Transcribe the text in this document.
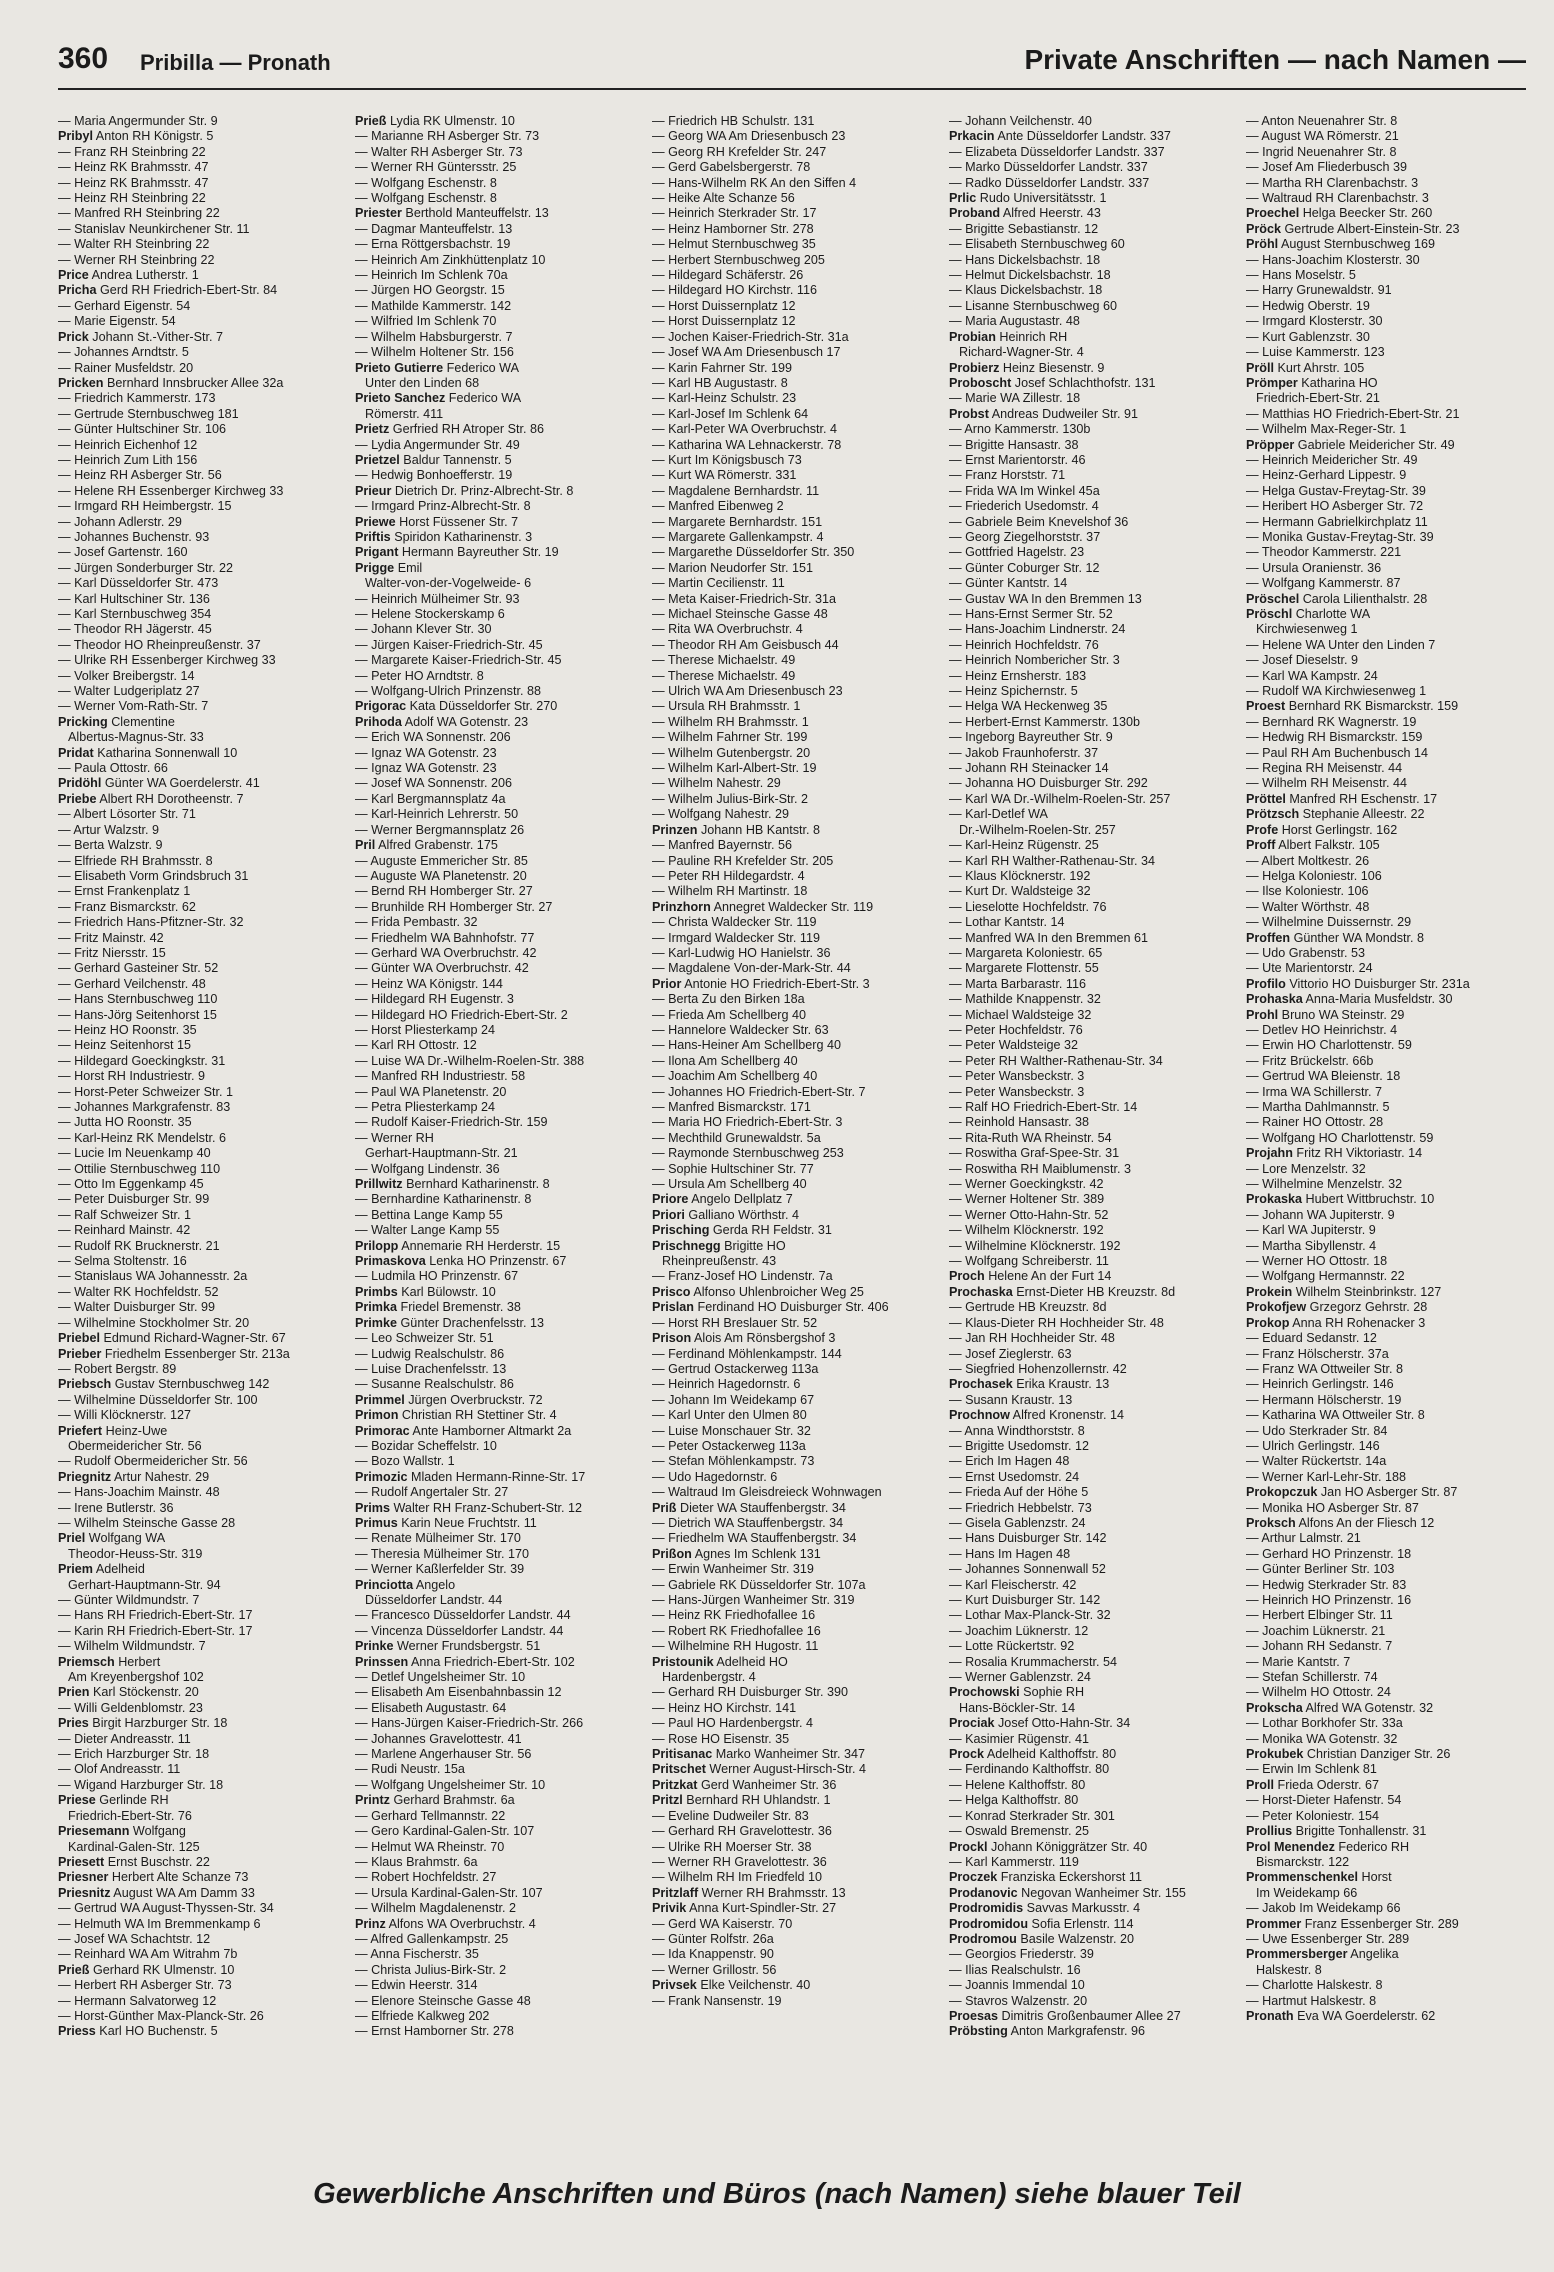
360 Pribilla — Pronath	Private Anschriften — nach Namen —
— Maria Angermunder Str. 9
Pribyl Anton RH Königstr. 5
— Franz RH Steinbring 22
— Heinz RK Brahmsstr. 47
— Heinz RK Brahmsstr. 47
— Heinz RH Steinbring 22
— Manfred RH Steinbring 22
— Stanislav Neunkirchener Str. 11
— Walter RH Steinbring 22
— Werner RH Steinbring 22
Price Andrea Lutherstr. 1
Pricha Gerd RH Friedrich-Ebert-Str. 84
— Gerhard Eigenstr. 54
— Marie Eigenstr. 54
Prick Johann St.-Vither-Str. 7
— Johannes Arndtstr. 5
— Rainer Musfeldstr. 20
Pricken Bernhard Innsbrucker Allee 32a
— Friedrich Kammerstr. 173
— Gertrude Sternbuschweg 181
— Günter Hultschiner Str. 106
— Heinrich Eichenhof 12
— Heinrich Zum Lith 156
— Heinz RH Asberger Str. 56
— Helene RH Essenberger Kirchweg 33
— Irmgard RH Heimbergstr. 15
— Johann Adlerstr. 29
— Johannes Buchenstr. 93
— Josef Gartenstr. 160
— Jürgen Sonderburger Str. 22
— Karl Düsseldorfer Str. 473
— Karl Hultschiner Str. 136
— Karl Sternbuschweg 354
— Theodor RH Jägerstr. 45
— Theodor HO Rheinpreußenstr. 37
— Ulrike RH Essenberger Kirchweg 33
— Volker Breibergstr. 14
— Walter Ludgeriplatz 27
— Werner Vom-Rath-Str. 7
Pricking Clementine
Albertus-Magnus-Str. 33
Pridat Katharina Sonnenwall 10
— Paula Ottostr. 66
Pridöhl Günter WA Goerdelerstr. 41
Priebe Albert RH Dorotheenstr. 7
— Albert Lösorter Str. 71
— Artur Walzstr. 9
— Berta Walzstr. 9
— Elfriede RH Brahmsstr. 8
— Elisabeth Vorm Grindsbruch 31
— Ernst Frankenplatz 1
— Franz Bismarckstr. 62
— Friedrich Hans-Pfitzner-Str. 32
— Fritz Mainstr. 42
— Fritz Niersstr. 15
— Gerhard Gasteiner Str. 52
— Gerhard Veilchenstr. 48
— Hans Sternbuschweg 110
— Hans-Jörg Seitenhorst 15
— Heinz HO Roonstr. 35
— Heinz Seitenhorst 15
— Hildegard Goeckingkstr. 31
— Horst RH Industriestr. 9
— Horst-Peter Schweizer Str. 1
— Johannes Markgrafenstr. 83
— Jutta HO Roonstr. 35
— Karl-Heinz RK Mendelstr. 6
— Lucie Im Neuenkamp 40
— Ottilie Sternbuschweg 110
— Otto Im Eggenkamp 45
— Peter Duisburger Str. 99
— Ralf Schweizer Str. 1
— Reinhard Mainstr. 42
— Rudolf RK Brucknerstr. 21
— Selma Stoltenstr. 16
— Stanislaus WA Johannesstr. 2a
— Walter RK Hochfeldstr. 52
— Walter Duisburger Str. 99
— Wilhelmine Stockholmer Str. 20
Priebel Edmund Richard-Wagner-Str. 67
Prieber Friedhelm Essenberger Str. 213a
— Robert Bergstr. 89
Priebsch Gustav Sternbuschweg 142
— Wilhelmine Düsseldorfer Str. 100
— Willi Klöcknerstr. 127
Priefert Heinz-Uwe
Obermeidericher Str. 56
— Rudolf Obermeidericher Str. 56
Priegnitz Artur Nahestr. 29
— Hans-Joachim Mainstr. 48
— Irene Butlerstr. 36
— Wilhelm Steinsche Gasse 28
Priel Wolfgang WA
Theodor-Heuss-Str. 319
Priem Adelheid
Gerhart-Hauptmann-Str. 94
— Günter Wildmundstr. 7
— Hans RH Friedrich-Ebert-Str. 17
— Karin RH Friedrich-Ebert-Str. 17
— Wilhelm Wildmundstr. 7
Priemsch Herbert
Am Kreyenbergshof 102
Prien Karl Stöckenstr. 20
— Willi Geldenblomstr. 23
Pries Birgit Harzburger Str. 18
— Dieter Andreasstr. 11
— Erich Harzburger Str. 18
— Olof Andreasstr. 11
— Wigand Harzburger Str. 18
Priese Gerlinde RH
Friedrich-Ebert-Str. 76
Priesemann Wolfgang
Kardinal-Galen-Str. 125
Priesett Ernst Buschstr. 22
Priesner Herbert Alte Schanze 73
Priesnitz August WA Am Damm 33
— Gertrud WA August-Thyssen-Str. 34
— Helmuth WA Im Bremmenkamp 6
— Josef WA Schachtstr. 12
— Reinhard WA Am Witrahm 7b
Prieß Gerhard RK Ulmenstr. 10
— Herbert RH Asberger Str. 73
— Hermann Salvatorweg 12
— Horst-Günther Max-Planck-Str. 26
Priess Karl HO Buchenstr. 5
Prieß Lydia RK Ulmenstr. 10
— Marianne RH Asberger Str. 73
— Walter RH Asberger Str. 73
— Werner RH Güntersstr. 25
— Wolfgang Eschenstr. 8
— Wolfgang Eschenstr. 8
Priester Berthold Manteuffelstr. 13
— Dagmar Manteuffelstr. 13
— Erna Röttgersbachstr. 19
— Heinrich Am Zinkhüttenplatz 10
— Heinrich Im Schlenk 70a
— Jürgen HO Georgstr. 15
— Mathilde Kammerstr. 142
— Wilfried Im Schlenk 70
— Wilhelm Habsburgerstr. 7
— Wilhelm Holtener Str. 156
Prieto Gutierre Federico WA
Unter den Linden 68
Prieto Sanchez Federico WA
Römerstr. 411
Prietz Gerfried RH Atroper Str. 86
— Lydia Angermunder Str. 49
Prietzel Baldur Tannenstr. 5
— Hedwig Bonhoefferstr. 19
Prieur Dietrich Dr. Prinz-Albrecht-Str. 8
— Irmgard Prinz-Albrecht-Str. 8
Priewe Horst Füssener Str. 7
Priftis Spiridon Katharinenstr. 3
Prigant Hermann Bayreuther Str. 19
Prigge Emil
Walter-von-der-Vogelweide- 6
— Heinrich Mülheimer Str. 93
— Helene Stockerskamp 6
— Johann Klever Str. 30
— Jürgen Kaiser-Friedrich-Str. 45
— Margarete Kaiser-Friedrich-Str. 45
— Peter HO Arndtstr. 8
— Wolfgang-Ulrich Prinzenstr. 88
Prigorac Kata Düsseldorfer Str. 270
Prihoda Adolf WA Gotenstr. 23
— Erich WA Sonnenstr. 206
— Ignaz WA Gotenstr. 23
— Ignaz WA Gotenstr. 23
— Josef WA Sonnenstr. 206
— Karl Bergmannsplatz 4a
— Karl-Heinrich Lehrerstr. 50
— Werner Bergmannsplatz 26
Pril Alfred Grabenstr. 175
— Auguste Emmericher Str. 85
— Auguste WA Planetenstr. 20
— Bernd RH Homberger Str. 27
— Brunhilde RH Homberger Str. 27
— Frida Pembastr. 32
— Friedhelm WA Bahnhofstr. 77
— Gerhard WA Overbruchstr. 42
— Günter WA Overbruchstr. 42
— Heinz WA Königstr. 144
— Hildegard RH Eugenstr. 3
— Hildegard HO Friedrich-Ebert-Str. 2
— Horst Pliesterkamp 24
— Karl RH Ottostr. 12
— Luise WA Dr.-Wilhelm-Roelen-Str. 388
— Manfred RH Industriestr. 58
— Paul WA Planetenstr. 20
— Petra Pliesterkamp 24
— Rudolf Kaiser-Friedrich-Str. 159
— Werner RH
Gerhart-Hauptmann-Str. 21
— Wolfgang Lindenstr. 36
Prillwitz Bernhard Katharinenstr. 8
— Bernhardine Katharinenstr. 8
— Bettina Lange Kamp 55
— Walter Lange Kamp 55
Prilopp Annemarie RH Herderstr. 15
Primaskova Lenka HO Prinzenstr. 67
— Ludmila HO Prinzenstr. 67
Primbs Karl Bülowstr. 10
Primka Friedel Bremenstr. 38
Primke Günter Drachenfelsstr. 13
— Leo Schweizer Str. 51
— Ludwig Realschulstr. 86
— Luise Drachenfelsstr. 13
— Susanne Realschulstr. 86
Primmel Jürgen Overbruckstr. 72
Primon Christian RH Stettiner Str. 4
Primorac Ante Hamborner Altmarkt 2a
— Bozidar Scheffelstr. 10
— Bozo Wallstr. 1
Primozic Mladen Hermann-Rinne-Str. 17
— Rudolf Angertaler Str. 27
Prims Walter RH Franz-Schubert-Str. 12
Primus Karin Neue Fruchtstr. 11
— Renate Mülheimer Str. 170
— Theresia Mülheimer Str. 170
— Werner Kaßlerfelder Str. 39
Princiotta Angelo
Düsseldorfer Landstr. 44
— Francesco Düsseldorfer Landstr. 44
— Vincenza Düsseldorfer Landstr. 44
Prinke Werner Frundsbergstr. 51
Prinssen Anna Friedrich-Ebert-Str. 102
— Detlef Ungelsheimer Str. 10
— Elisabeth Am Eisenbahnbassin 12
— Elisabeth Augustastr. 64
— Hans-Jürgen Kaiser-Friedrich-Str. 266
— Johannes Gravelottestr. 41
— Marlene Angerhauser Str. 56
— Rudi Neustr. 15a
— Wolfgang Ungelsheimer Str. 10
Printz Gerhard Brahmstr. 6a
— Gerhard Tellmannstr. 22
— Gero Kardinal-Galen-Str. 107
— Helmut WA Rheinstr. 70
— Klaus Brahmstr. 6a
— Robert Hochfeldstr. 27
— Ursula Kardinal-Galen-Str. 107
— Wilhelm Magdalenenstr. 2
Prinz Alfons WA Overbruchstr. 4
— Alfred Gallenkampstr. 25
— Anna Fischerstr. 35
— Christa Julius-Birk-Str. 2
— Edwin Heerstr. 314
— Elenore Steinsche Gasse 48
— Elfriede Kalkweg 202
— Ernst Hamborner Str. 278
— Friedrich HB Schulstr. 131
— Georg WA Am Driesenbusch 23
— Georg RH Krefelder Str. 247
— Gerd Gabelsbergerstr. 78
— Hans-Wilhelm RK An den Siffen 4
— Heike Alte Schanze 56
— Heinrich Sterkrader Str. 17
— Heinz Hamborner Str. 278
— Helmut Sternbuschweg 35
— Herbert Sternbuschweg 205
— Hildegard Schäferstr. 26
— Hildegard HO Kirchstr. 116
— Horst Duissernplatz 12
— Horst Duissernplatz 12
— Jochen Kaiser-Friedrich-Str. 31a
— Josef WA Am Driesenbusch 17
— Karin Fahrner Str. 199
— Karl HB Augustastr. 8
— Karl-Heinz Schulstr. 23
— Karl-Josef Im Schlenk 64
— Karl-Peter WA Overbruchstr. 4
— Katharina WA Lehnackerstr. 78
— Kurt Im Königsbusch 73
— Kurt WA Römerstr. 331
— Magdalene Bernhardstr. 11
— Manfred Eibenweg 2
— Margarete Bernhardstr. 151
— Margarete Gallenkampstr. 4
— Margarethe Düsseldorfer Str. 350
— Marion Neudorfer Str. 151
— Martin Cecilienstr. 11
— Meta Kaiser-Friedrich-Str. 31a
— Michael Steinsche Gasse 48
— Rita WA Overbruchstr. 4
— Theodor RH Am Geisbusch 44
— Therese Michaelstr. 49
— Therese Michaelstr. 49
— Ulrich WA Am Driesenbusch 23
— Ursula RH Brahmsstr. 1
— Wilhelm RH Brahmsstr. 1
— Wilhelm Fahrner Str. 199
— Wilhelm Gutenbergstr. 20
— Wilhelm Karl-Albert-Str. 19
— Wilhelm Nahestr. 29
— Wilhelm Julius-Birk-Str. 2
— Wolfgang Nahestr. 29
Prinzen Johann HB Kantstr. 8
— Manfred Bayernstr. 56
— Pauline RH Krefelder Str. 205
— Peter RH Hildegardstr. 4
— Wilhelm RH Martinstr. 18
Prinzhorn Annegret Waldecker Str. 119
— Christa Waldecker Str. 119
— Irmgard Waldecker Str. 119
— Karl-Ludwig HO Hanielstr. 36
— Magdalene Von-der-Mark-Str. 44
Prior Antonie HO Friedrich-Ebert-Str. 3
— Berta Zu den Birken 18a
— Frieda Am Schellberg 40
— Hannelore Waldecker Str. 63
— Hans-Heiner Am Schellberg 40
— Ilona Am Schellberg 40
— Joachim Am Schellberg 40
— Johannes HO Friedrich-Ebert-Str. 7
— Manfred Bismarckstr. 171
— Maria HO Friedrich-Ebert-Str. 3
— Mechthild Grunewaldstr. 5a
— Raymonde Sternbuschweg 253
— Sophie Hultschiner Str. 77
— Ursula Am Schellberg 40
Priore Angelo Dellplatz 7
Priori Galliano Wörthstr. 4
Prisching Gerda RH Feldstr. 31
Prischnegg Brigitte HO
Rheinpreußenstr. 43
— Franz-Josef HO Lindenstr. 7a
Prisco Alfonso Uhlenbroicher Weg 25
Prislan Ferdinand HO Duisburger Str. 406
— Horst RH Breslauer Str. 52
Prison Alois Am Rönsbergshof 3
— Ferdinand Möhlenkampstr. 144
— Gertrud Ostackerweg 113a
— Heinrich Hagedornstr. 6
— Johann Im Weidekamp 67
— Karl Unter den Ulmen 80
— Luise Monschauer Str. 32
— Peter Ostackerweg 113a
— Stefan Möhlenkampstr. 73
— Udo Hagedornstr. 6
— Waltraud Im Gleisdreieck Wohnwagen
Priß Dieter WA Stauffenbergstr. 34
— Dietrich WA Stauffenbergstr. 34
— Friedhelm WA Stauffenbergstr. 34
Prißon Agnes Im Schlenk 131
— Erwin Wanheimer Str. 319
— Gabriele RK Düsseldorfer Str. 107a
— Hans-Jürgen Wanheimer Str. 319
— Heinz RK Friedhofallee 16
— Robert RK Friedhofallee 16
— Wilhelmine RH Hugostr. 11
Pristounik Adelheid HO
Hardenbergstr. 4
— Gerhard RH Duisburger Str. 390
— Heinz HO Kirchstr. 141
— Paul HO Hardenbergstr. 4
— Rose HO Eisenstr. 35
Pritisanac Marko Wanheimer Str. 347
Pritschet Werner August-Hirsch-Str. 4
Pritzkat Gerd Wanheimer Str. 36
Pritzl Bernhard RH Uhlandstr. 1
— Eveline Dudweiler Str. 83
— Gerhard RH Gravelottestr. 36
— Ulrike RH Moerser Str. 38
— Werner RH Gravelottestr. 36
— Wilhelm RH Im Friedfeld 10
Pritzlaff Werner RH Brahmsstr. 13
Privik Anna Kurt-Spindler-Str. 27
— Gerd WA Kaiserstr. 70
— Günter Rolfstr. 26a
— Ida Knappenstr. 90
— Werner Grillostr. 56
Privsek Elke Veilchenstr. 40
— Frank Nansenstr. 19
— Johann Veilchenstr. 40
Prkacin Ante Düsseldorfer Landstr. 337
— Elizabeta Düsseldorfer Landstr. 337
— Marko Düsseldorfer Landstr. 337
— Radko Düsseldorfer Landstr. 337
Prlic Rudo Universitätsstr. 1
Proband Alfred Heerstr. 43
— Brigitte Sebastianstr. 12
— Elisabeth Sternbuschweg 60
— Hans Dickelsbachstr. 18
— Helmut Dickelsbachstr. 18
— Klaus Dickelsbachstr. 18
— Lisanne Sternbuschweg 60
— Maria Augustastr. 48
Probian Heinrich RH
Richard-Wagner-Str. 4
Probierz Heinz Biesenstr. 9
Proboscht Josef Schlachthofstr. 131
— Marie WA Zillestr. 18
Probst Andreas Dudweiler Str. 91
— Arno Kammerstr. 130b
— Brigitte Hansastr. 38
— Ernst Marientorstr. 46
— Franz Horststr. 71
— Frida WA Im Winkel 45a
— Friederich Usedomstr. 4
— Gabriele Beim Knevelshof 36
— Georg Ziegelhorststr. 37
— Gottfried Hagelstr. 23
— Günter Coburger Str. 12
— Günter Kantstr. 14
— Gustav WA In den Bremmen 13
— Hans-Ernst Sermer Str. 52
— Hans-Joachim Lindnerstr. 24
— Heinrich Hochfeldstr. 76
— Heinrich Nombericher Str. 3
— Heinz Ernsherstr. 183
— Heinz Spichernstr. 5
— Helga WA Heckenweg 35
— Herbert-Ernst Kammerstr. 130b
— Ingeborg Bayreuther Str. 9
— Jakob Fraunhoferstr. 37
— Johann RH Steinacker 14
— Johanna HO Duisburger Str. 292
— Karl WA Dr.-Wilhelm-Roelen-Str. 257
— Karl-Detlef WA
Dr.-Wilhelm-Roelen-Str. 257
— Karl-Heinz Rügenstr. 25
— Karl RH Walther-Rathenau-Str. 34
— Klaus Klöcknerstr. 192
— Kurt Dr. Waldsteige 32
— Lieselotte Hochfeldstr. 76
— Lothar Kantstr. 14
— Manfred WA In den Bremmen 61
— Margareta Koloniestr. 65
— Margarete Flottenstr. 55
— Marta Barbarastr. 116
— Mathilde Knappenstr. 32
— Michael Waldsteige 32
— Peter Hochfeldstr. 76
— Peter Waldsteige 32
— Peter RH Walther-Rathenau-Str. 34
— Peter Wansbeckstr. 3
— Peter Wansbeckstr. 3
— Ralf HO Friedrich-Ebert-Str. 14
— Reinhold Hansastr. 38
— Rita-Ruth WA Rheinstr. 54
— Roswitha Graf-Spee-Str. 31
— Roswitha RH Maiblumenstr. 3
— Werner Goeckingkstr. 42
— Werner Holtener Str. 389
— Werner Otto-Hahn-Str. 52
— Wilhelm Klöcknerstr. 192
— Wilhelmine Klöcknerstr. 192
— Wolfgang Schreiberstr. 11
Proch Helene An der Furt 14
Prochaska Ernst-Dieter HB Kreuzstr. 8d
— Gertrude HB Kreuzstr. 8d
— Klaus-Dieter RH Hochheider Str. 48
— Jan RH Hochheider Str. 48
— Josef Zieglerstr. 63
— Siegfried Hohenzollernstr. 42
Prochasek Erika Kraustr. 13
— Susann Kraustr. 13
Prochnow Alfred Kronenstr. 14
— Anna Windthorststr. 8
— Brigitte Usedomstr. 12
— Erich Im Hagen 48
— Ernst Usedomstr. 24
— Frieda Auf der Höhe 5
— Friedrich Hebbelstr. 73
— Gisela Gablenzstr. 24
— Hans Duisburger Str. 142
— Hans Im Hagen 48
— Johannes Sonnenwall 52
— Karl Fleischerstr. 42
— Kurt Duisburger Str. 142
— Lothar Max-Planck-Str. 32
— Joachim Lüknerstr. 12
— Lotte Rückertstr. 92
— Rosalia Krummacherstr. 54
— Werner Gablenzstr. 24
Prochowski Sophie RH
Hans-Böckler-Str. 14
Prociak Josef Otto-Hahn-Str. 34
— Kasimier Rügenstr. 41
Prock Adelheid Kalthoffstr. 80
— Ferdinando Kalthoffstr. 80
— Helene Kalthoffstr. 80
— Helga Kalthoffstr. 80
— Konrad Sterkrader Str. 301
— Oswald Bremenstr. 25
Prockl Johann Königgrätzer Str. 40
— Karl Kammerstr. 119
Proczek Franziska Eckershorst 11
Prodanovic Negovan Wanheimer Str. 155
Prodromidis Savvas Markusstr. 4
Prodromidou Sofia Erlenstr. 114
Prodromou Basile Walzenstr. 20
— Georgios Friederstr. 39
— Ilias Realschulstr. 16
— Joannis Immendal 10
— Stavros Walzenstr. 20
Proesas Dimitris Großenbaumer Allee 27
Pröbsting Anton Markgrafenstr. 96
— Anton Neuenahrer Str. 8
— August WA Römerstr. 21
— Ingrid Neuenahrer Str. 8
— Josef Am Fliederbusch 39
— Martha RH Clarenbachstr. 3
— Waltraud RH Clarenbachstr. 3
Proechel Helga Beecker Str. 260
Pröck Gertrude Albert-Einstein-Str. 23
Pröhl August Sternbuschweg 169
— Hans-Joachim Klosterstr. 30
— Hans Moselstr. 5
— Harry Grunewaldstr. 91
— Hedwig Oberstr. 19
— Irmgard Klosterstr. 30
— Kurt Gablenzstr. 30
— Luise Kammerstr. 123
Pröll Kurt Ahrstr. 105
Prömper Katharina HO
Friedrich-Ebert-Str. 21
— Matthias HO Friedrich-Ebert-Str. 21
— Wilhelm Max-Reger-Str. 1
Pröpper Gabriele Meidericher Str. 49
— Heinrich Meidericher Str. 49
— Heinz-Gerhard Lippestr. 9
— Helga Gustav-Freytag-Str. 39
— Heribert HO Asberger Str. 72
— Hermann Gabrielkirchplatz 11
— Monika Gustav-Freytag-Str. 39
— Theodor Kammerstr. 221
— Ursula Oranienstr. 36
— Wolfgang Kammerstr. 87
Pröschel Carola Lilienthalstr. 28
Pröschl Charlotte WA
Kirchwiesenweg 1
— Helene WA Unter den Linden 7
— Josef Dieselstr. 9
— Karl WA Kampstr. 24
— Rudolf WA Kirchwiesenweg 1
Proest Bernhard RK Bismarckstr. 159
— Bernhard RK Wagnerstr. 19
— Hedwig RH Bismarckstr. 159
— Paul RH Am Buchenbusch 14
— Regina RH Meisenstr. 44
— Wilhelm RH Meisenstr. 44
Pröttel Manfred RH Eschenstr. 17
Prötzsch Stephanie Alleestr. 22
Profe Horst Gerlingstr. 162
Proff Albert Falkstr. 105
— Albert Moltkestr. 26
— Helga Koloniestr. 106
— Ilse Koloniestr. 106
— Walter Wörthstr. 48
— Wilhelmine Duissernstr. 29
Proffen Günther WA Mondstr. 8
— Udo Grabenstr. 53
— Ute Marientorstr. 24
Profilo Vittorio HO Duisburger Str. 231a
Prohaska Anna-Maria Musfeldstr. 30
Prohl Bruno WA Steinstr. 29
— Detlev HO Heinrichstr. 4
— Erwin HO Charlottenstr. 59
— Fritz Brückelstr. 66b
— Gertrud WA Bleienstr. 18
— Irma WA Schillerstr. 7
— Martha Dahlmannstr. 5
— Rainer HO Ottostr. 28
— Wolfgang HO Charlottenstr. 59
Projahn Fritz RH Viktoriastr. 14
— Lore Menzelstr. 32
— Wilhelmine Menzelstr. 32
Prokaska Hubert Wittbruchstr. 10
— Johann WA Jupiterstr. 9
— Karl WA Jupiterstr. 9
— Martha Sibyllenstr. 4
— Werner HO Ottostr. 18
— Wolfgang Hermannstr. 22
Prokein Wilhelm Steinbrinkstr. 127
Prokofjew Grzegorz Gehrstr. 28
Prokop Anna RH Rohenacker 3
— Eduard Sedanstr. 12
— Franz Hölscherstr. 37a
— Franz WA Ottweiler Str. 8
— Heinrich Gerlingstr. 146
— Hermann Hölscherstr. 19
— Katharina WA Ottweiler Str. 8
— Udo Sterkrader Str. 84
— Ulrich Gerlingstr. 146
— Walter Rückertstr. 14a
— Werner Karl-Lehr-Str. 188
Prokopczuk Jan HO Asberger Str. 87
— Monika HO Asberger Str. 87
Proksch Alfons An der Fliesch 12
— Arthur Lalmstr. 21
— Gerhard HO Prinzenstr. 18
— Günter Berliner Str. 103
— Hedwig Sterkrader Str. 83
— Heinrich HO Prinzenstr. 16
— Herbert Elbinger Str. 11
— Joachim Lüknerstr. 21
— Johann RH Sedanstr. 7
— Marie Kantstr. 7
— Stefan Schillerstr. 74
— Wilhelm HO Ottostr. 24
Prokscha Alfred WA Gotenstr. 32
— Lothar Borkhofer Str. 33a
— Monika WA Gotenstr. 32
Prokubek Christian Danziger Str. 26
— Erwin Im Schlenk 81
Proll Frieda Oderstr. 67
— Horst-Dieter Hafenstr. 54
— Peter Koloniestr. 154
Prollius Brigitte Tonhallenstr. 31
Prol Menendez Federico RH
Bismarckstr. 122
Prommenschenkel Horst
Im Weidekamp 66
— Jakob Im Weidekamp 66
Prommer Franz Essenberger Str. 289
— Uwe Essenberger Str. 289
Prommersberger Angelika
Halskestr. 8
— Charlotte Halskestr. 8
— Hartmut Halskestr. 8
Pronath Eva WA Goerdelerstr. 62
Gewerbliche Anschriften und Büros (nach Namen) siehe blauer Teil
